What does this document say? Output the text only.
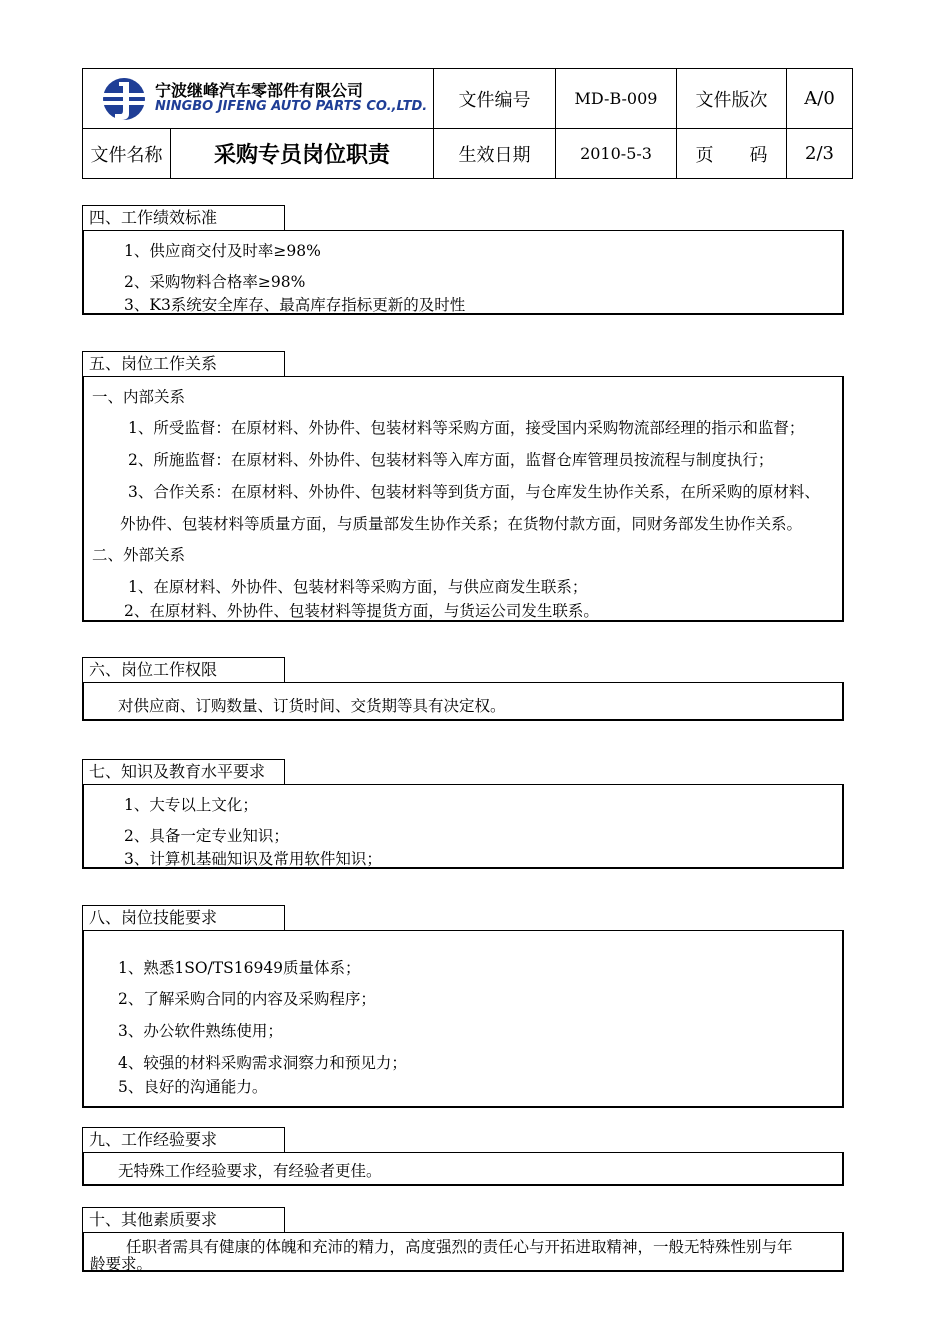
宁波继峰汽车零部件有限公司
NINGBO JIFENG AUTO PARTS CO.,LTD.		文件编号	MD-B-009	文件版次	A/0
文件名称	采购专员岗位职责	生效日期	2010-5-3	页　　码	2/3
四、工作绩效标准
1、供应商交付及时率≥98%
2、采购物料合格率≥98%
3、K3系统安全库存、最高库存指标更新的及时性
五、岗位工作关系
一、内部关系
1、所受监督：在原材料、外协件、包装材料等采购方面，接受国内采购物流部经理的指示和监督；
2、所施监督：在原材料、外协件、包装材料等入库方面，监督仓库管理员按流程与制度执行；
3、合作关系：在原材料、外协件、包装材料等到货方面，与仓库发生协作关系，在所采购的原材料、
外协件、包装材料等质量方面，与质量部发生协作关系；在货物付款方面，同财务部发生协作关系。
二、外部关系
1、在原材料、外协件、包装材料等采购方面，与供应商发生联系；
2、在原材料、外协件、包装材料等提货方面，与货运公司发生联系。
六、岗位工作权限
对供应商、订购数量、订货时间、交货期等具有决定权。
七、知识及教育水平要求
1、大专以上文化；
2、具备一定专业知识；
3、计算机基础知识及常用软件知识；
八、岗位技能要求
1、熟悉1SO/TS16949质量体系；
2、了解采购合同的内容及采购程序；
3、办公软件熟练使用；
4、较强的材料采购需求洞察力和预见力；
5、良好的沟通能力。
九、工作经验要求
无特殊工作经验要求，有经验者更佳。
十、其他素质要求
任职者需具有健康的体魄和充沛的精力，高度强烈的责任心与开拓进取精神，一般无特殊性别与年
龄要求。
